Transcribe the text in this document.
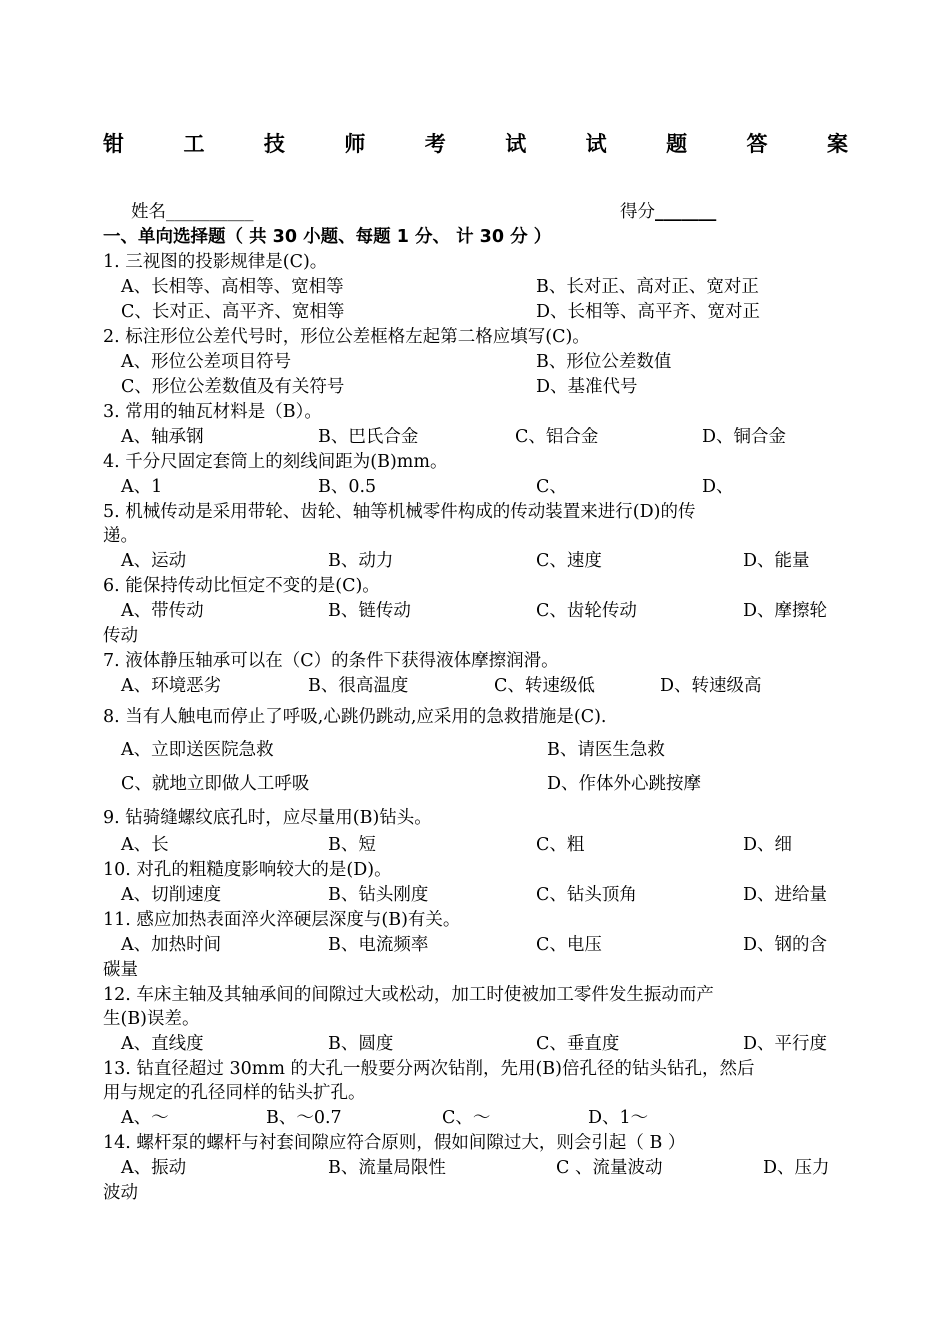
钳	工	技	师	考	试	试	题	答	案
姓名__________	得分_______
一、单向选择题（ 共 30 小题、每题 1 分、 计 30 分 ）
1. 三视图的投影规律是(C)。
A、长相等、高相等、宽相等	B、长对正、高对正、宽对正
C、长对正、高平齐、宽相等	D、长相等、高平齐、宽对正
2. 标注形位公差代号时，形位公差框格左起第二格应填写(C)。
A、形位公差项目符号	B、形位公差数值
C、形位公差数值及有关符号	D、基准代号
3. 常用的轴瓦材料是（B）。
A、轴承钢	B、巴氏合金	C、铝合金	D、铜合金
4. 千分尺固定套筒上的刻线间距为(B)mm。
A、1	B、0.5	C、	D、
5. 机械传动是采用带轮、齿轮、轴等机械零件构成的传动装置来进行(D)的传
递。
A、运动	B、动力	C、速度	D、能量
6. 能保持传动比恒定不变的是(C)。
A、带传动	B、链传动	C、齿轮传动	D、摩擦轮
传动
7. 液体静压轴承可以在（C）的条件下获得液体摩擦润滑。
A、环境恶劣	B、很高温度	C、转速级低	D、转速级高
8. 当有人触电而停止了呼吸,心跳仍跳动,应采用的急救措施是(C).
A、立即送医院急救	B、请医生急救
C、就地立即做人工呼吸	D、作体外心跳按摩
9. 钻骑缝螺纹底孔时，应尽量用(B)钻头。
A、长	B、短	C、粗	D、细
10. 对孔的粗糙度影响较大的是(D)。
A、切削速度	B、钻头刚度	C、钻头顶角	D、进给量
11. 感应加热表面淬火淬硬层深度与(B)有关。
A、加热时间	B、电流频率	C、电压	D、钢的含
碳量
12. 车床主轴及其轴承间的间隙过大或松动，加工时使被加工零件发生振动而产
生(B)误差。
A、直线度	B、圆度	C、垂直度	D、平行度
13. 钻直径超过 30mm 的大孔一般要分两次钻削，先用(B)倍孔径的钻头钻孔，然后
用与规定的孔径同样的钻头扩孔。
A、～	B、～0.7	C、～	D、1～
14. 螺杆泵的螺杆与衬套间隙应符合原则，假如间隙过大，则会引起（ B ）
A、振动	B、流量局限性	C 、流量波动	D、压力
波动
